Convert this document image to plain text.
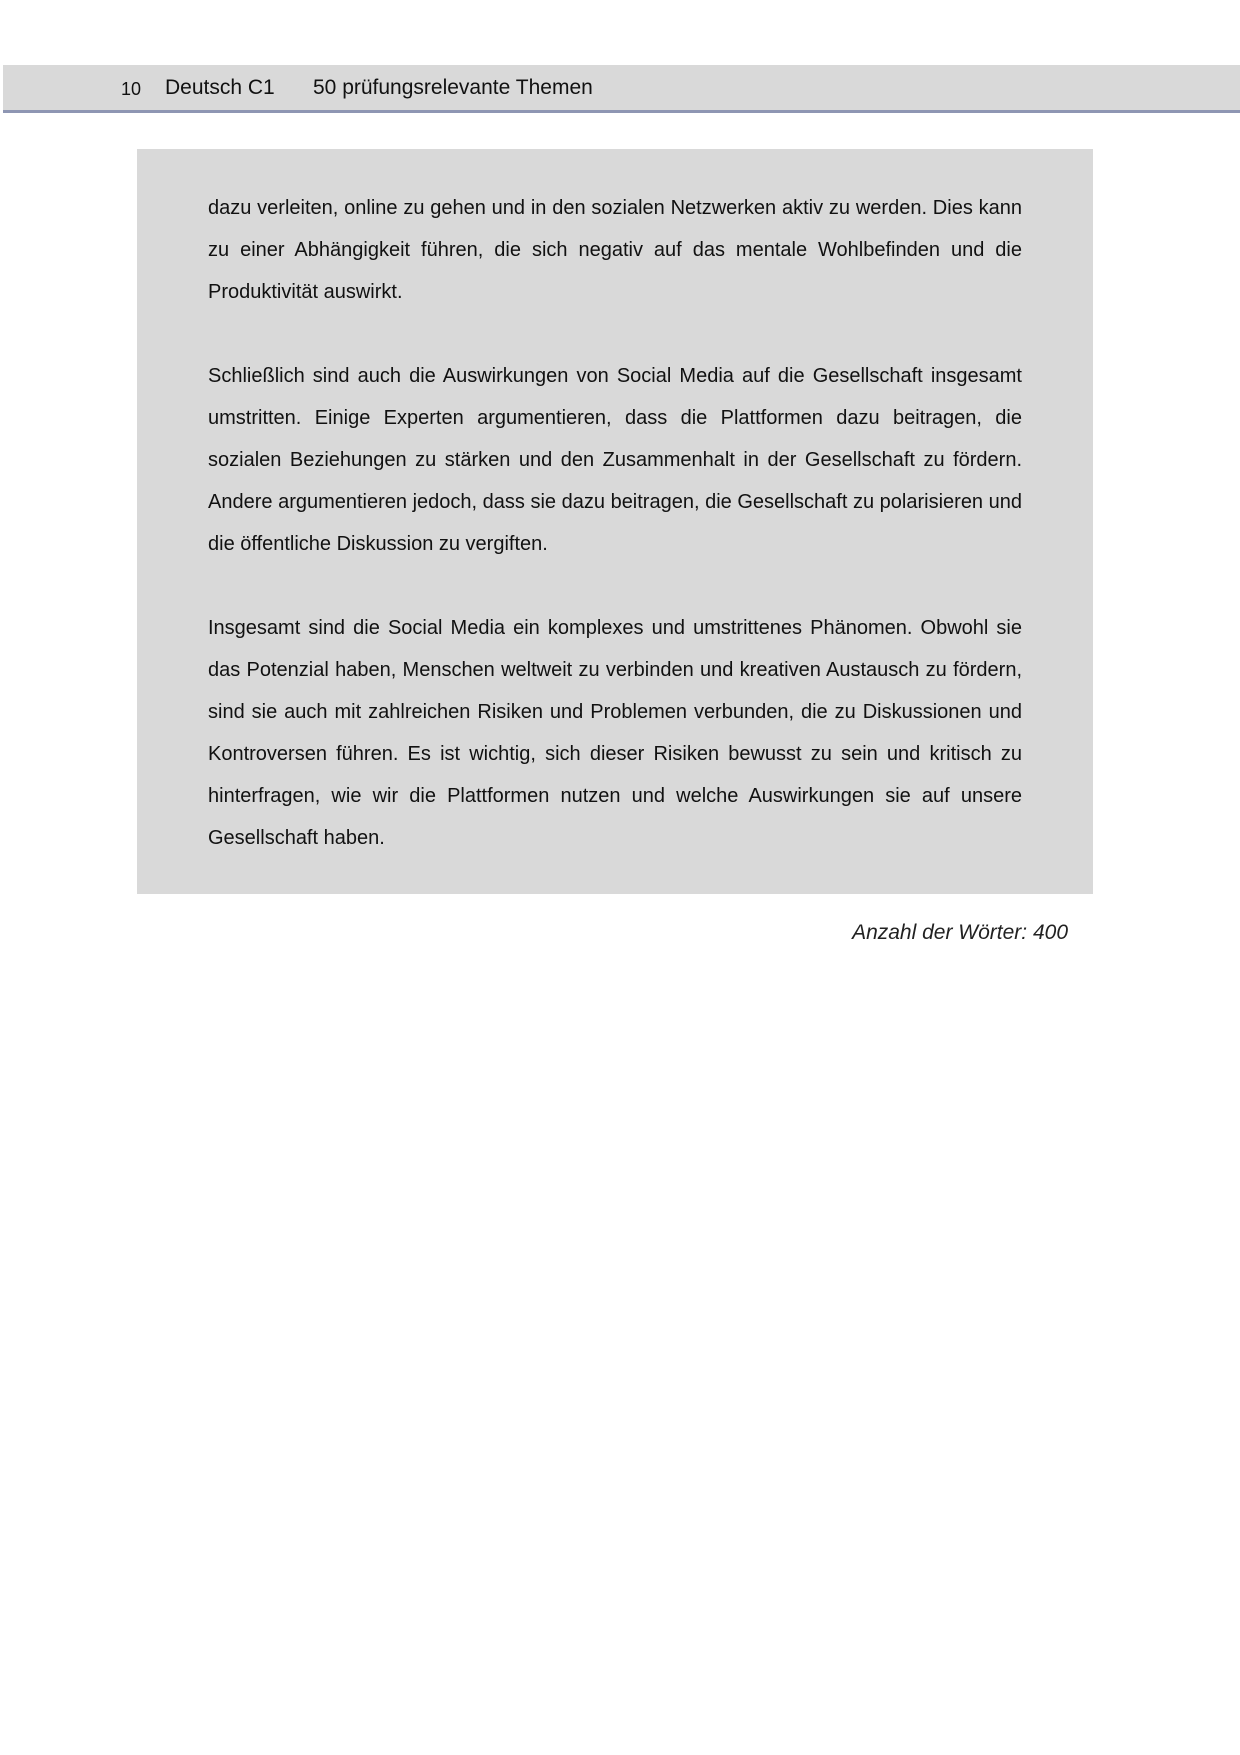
10 Deutsch C1 50 prüfungsrelevante Themen

dazu verleiten, online zu gehen und in den sozialen Netzwerken aktiv zu werden. Dies kann zu einer Abhängigkeit führen, die sich negativ auf das mentale Wohlbefinden und die Produktivität auswirkt.

Schließlich sind auch die Auswirkungen von Social Media auf die Gesellschaft insgesamt umstritten. Einige Experten argumentieren, dass die Plattformen dazu beitragen, die sozialen Beziehungen zu stärken und den Zusammenhalt in der Gesellschaft zu fördern. Andere argumentieren jedoch, dass sie dazu beitragen, die Gesellschaft zu polarisieren und die öffentliche Diskussion zu vergiften.

Insgesamt sind die Social Media ein komplexes und umstrittenes Phänomen. Obwohl sie das Potenzial haben, Menschen weltweit zu verbinden und kreativen Austausch zu fördern, sind sie auch mit zahlreichen Risiken und Problemen verbunden, die zu Diskussionen und Kontroversen führen. Es ist wichtig, sich dieser Risiken bewusst zu sein und kritisch zu hinterfragen, wie wir die Plattformen nutzen und welche Auswirkungen sie auf unsere Gesellschaft haben.

Anzahl der Wörter: 400
